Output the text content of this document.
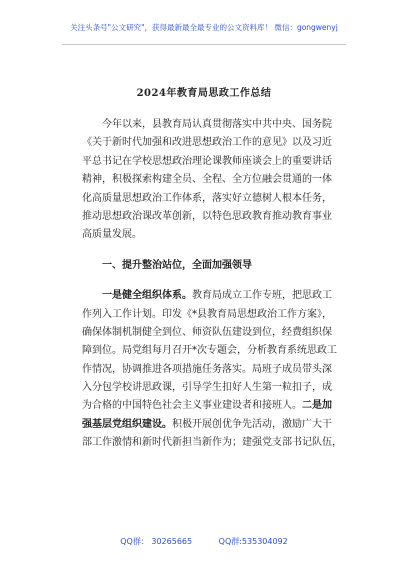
关注头条号"公文研究"，获得最新最全最专业的公文资料库！ 微信：gongwenyj
2024年教育局思政工作总结
今年以来，县教育局认真贯彻落实中共中央、国务院
《关于新时代加强和改进思想政治工作的意见》以及习近
平总书记在学校思想政治理论课教师座谈会上的重要讲话
精神，积极探索构建全员、全程、全方位融会贯通的一体
化高质量思想政治工作体系，落实好立德树人根本任务，
推动思想政治课改革创新，以特色思政教育推动教育事业
高质量发展。
一、提升整治站位，全面加强领导
一是健全组织体系。教育局成立工作专班，把思政工
作列入工作计划。印发《*县教育局思想政治工作方案》，
确保体制机制健全到位、师资队伍建设到位，经费组织保
障到位。局党组每月召开*次专题会，分析教育系统思政工
作情况，协调推进各项措施任务落实。局班子成员带头深
入分包学校讲思政课，引导学生扣好人生第一粒扣子，成
为合格的中国特色社会主义事业建设者和接班人。二是加
强基层党组织建设。积极开展创优争先活动，激励广大干
部工作激情和新时代新担当新作为；建强党支部书记队伍，
QQ群： 30265665	QQ群:535304092
